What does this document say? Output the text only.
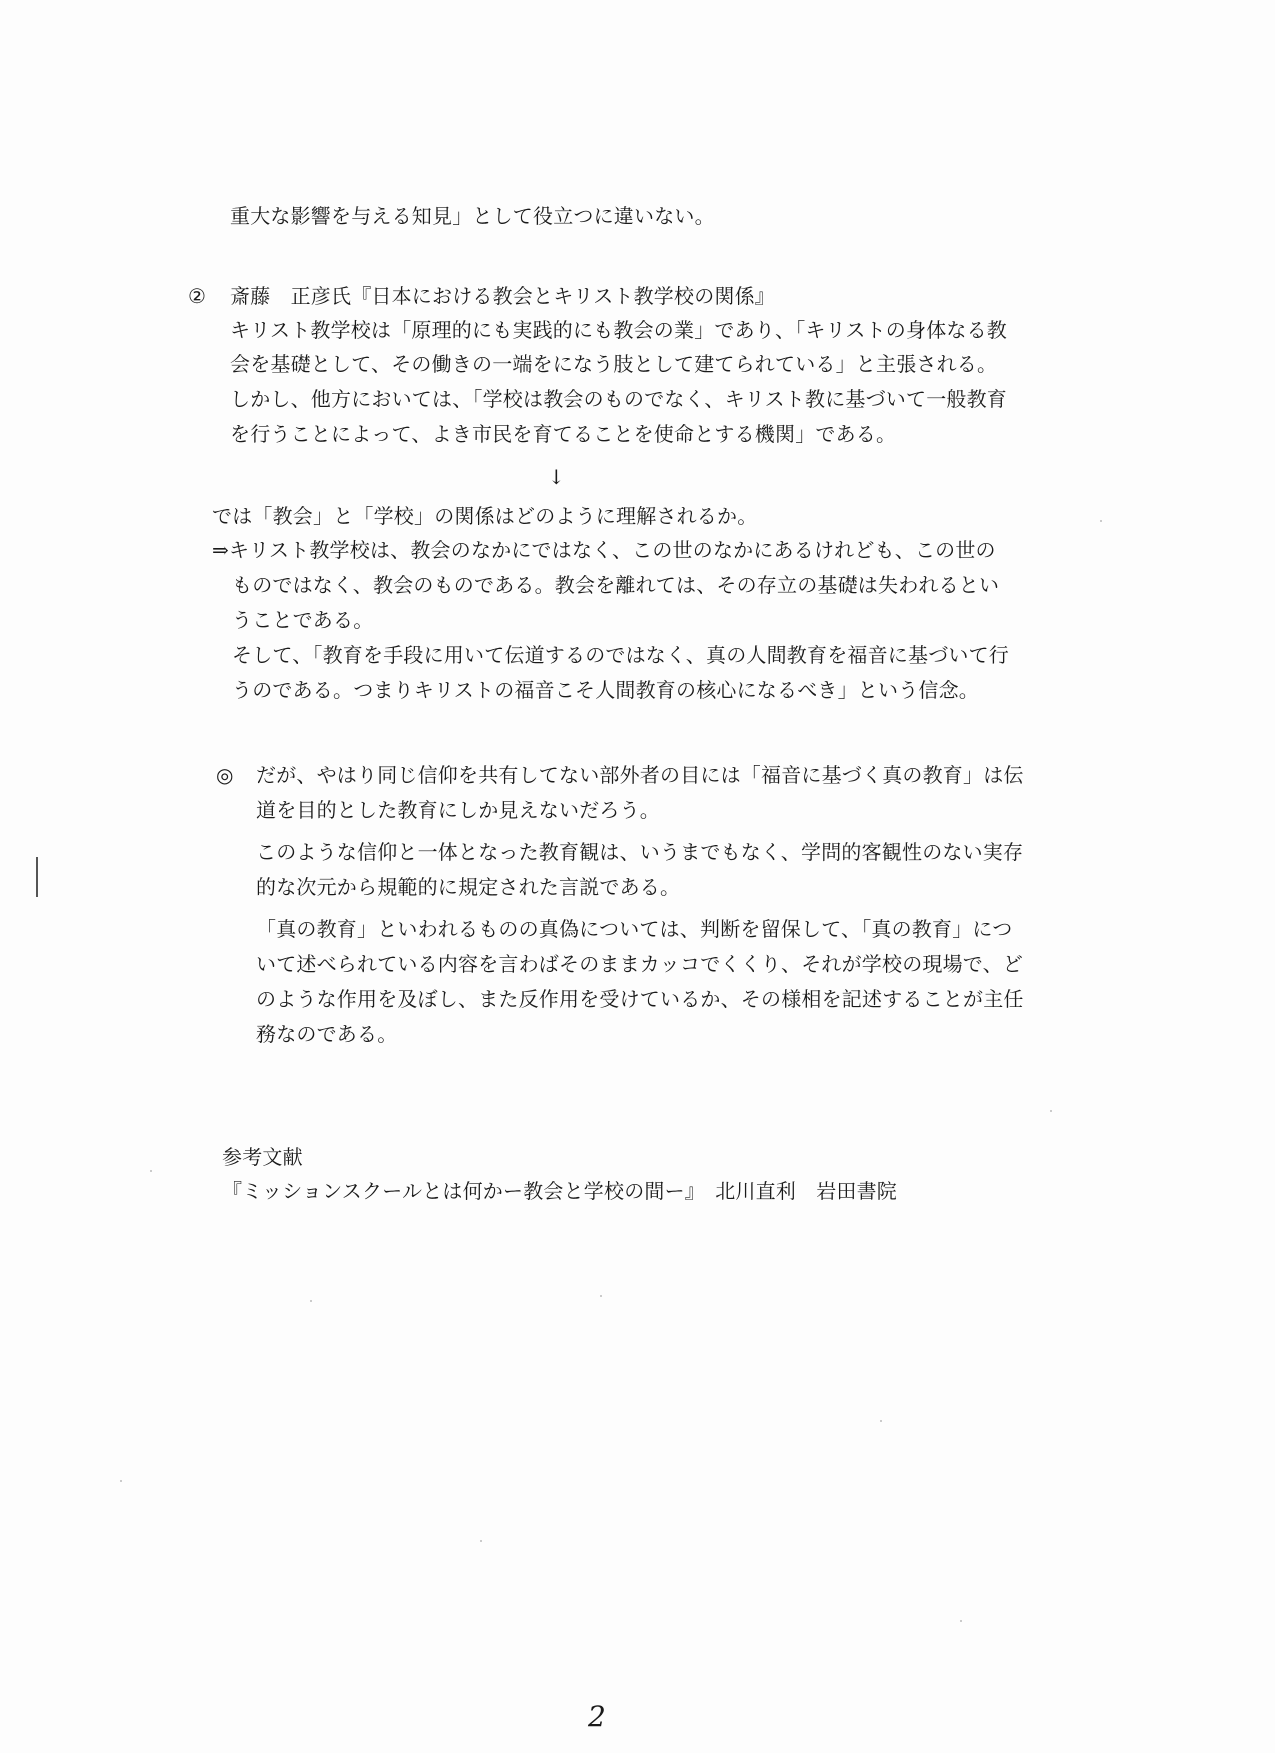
重大な影響を与える知見」として役立つに違いない。
② 斎藤　正彦氏『日本における教会とキリスト教学校の関係』
キリスト教学校は「原理的にも実践的にも教会の業」であり、「キリストの身体なる教
会を基礎として、その働きの一端をになう肢として建てられている」と主張される。
しかし、他方においては、「学校は教会のものでなく、キリスト教に基づいて一般教育
を行うことによって、よき市民を育てることを使命とする機関」である。
↓
では「教会」と「学校」の関係はどのように理解されるか。
⇒キリスト教学校は、教会のなかにではなく、この世のなかにあるけれども、この世の
ものではなく、教会のものである。教会を離れては、その存立の基礎は失われるとい
うことである。
そして、「教育を手段に用いて伝道するのではなく、真の人間教育を福音に基づいて行
うのである。つまりキリストの福音こそ人間教育の核心になるべき」という信念。
◎ だが、やはり同じ信仰を共有してない部外者の目には「福音に基づく真の教育」は伝
道を目的とした教育にしか見えないだろう。
このような信仰と一体となった教育観は、いうまでもなく、学問的客観性のない実存
的な次元から規範的に規定された言説である。
「真の教育」といわれるものの真偽については、判断を留保して、「真の教育」につ
いて述べられている内容を言わばそのままカッコでくくり、それが学校の現場で、ど
のような作用を及ぼし、また反作用を受けているか、その様相を記述することが主任
務なのである。
参考文献
『ミッションスクールとは何かー教会と学校の間ー』　北川直利　岩田書院
2
